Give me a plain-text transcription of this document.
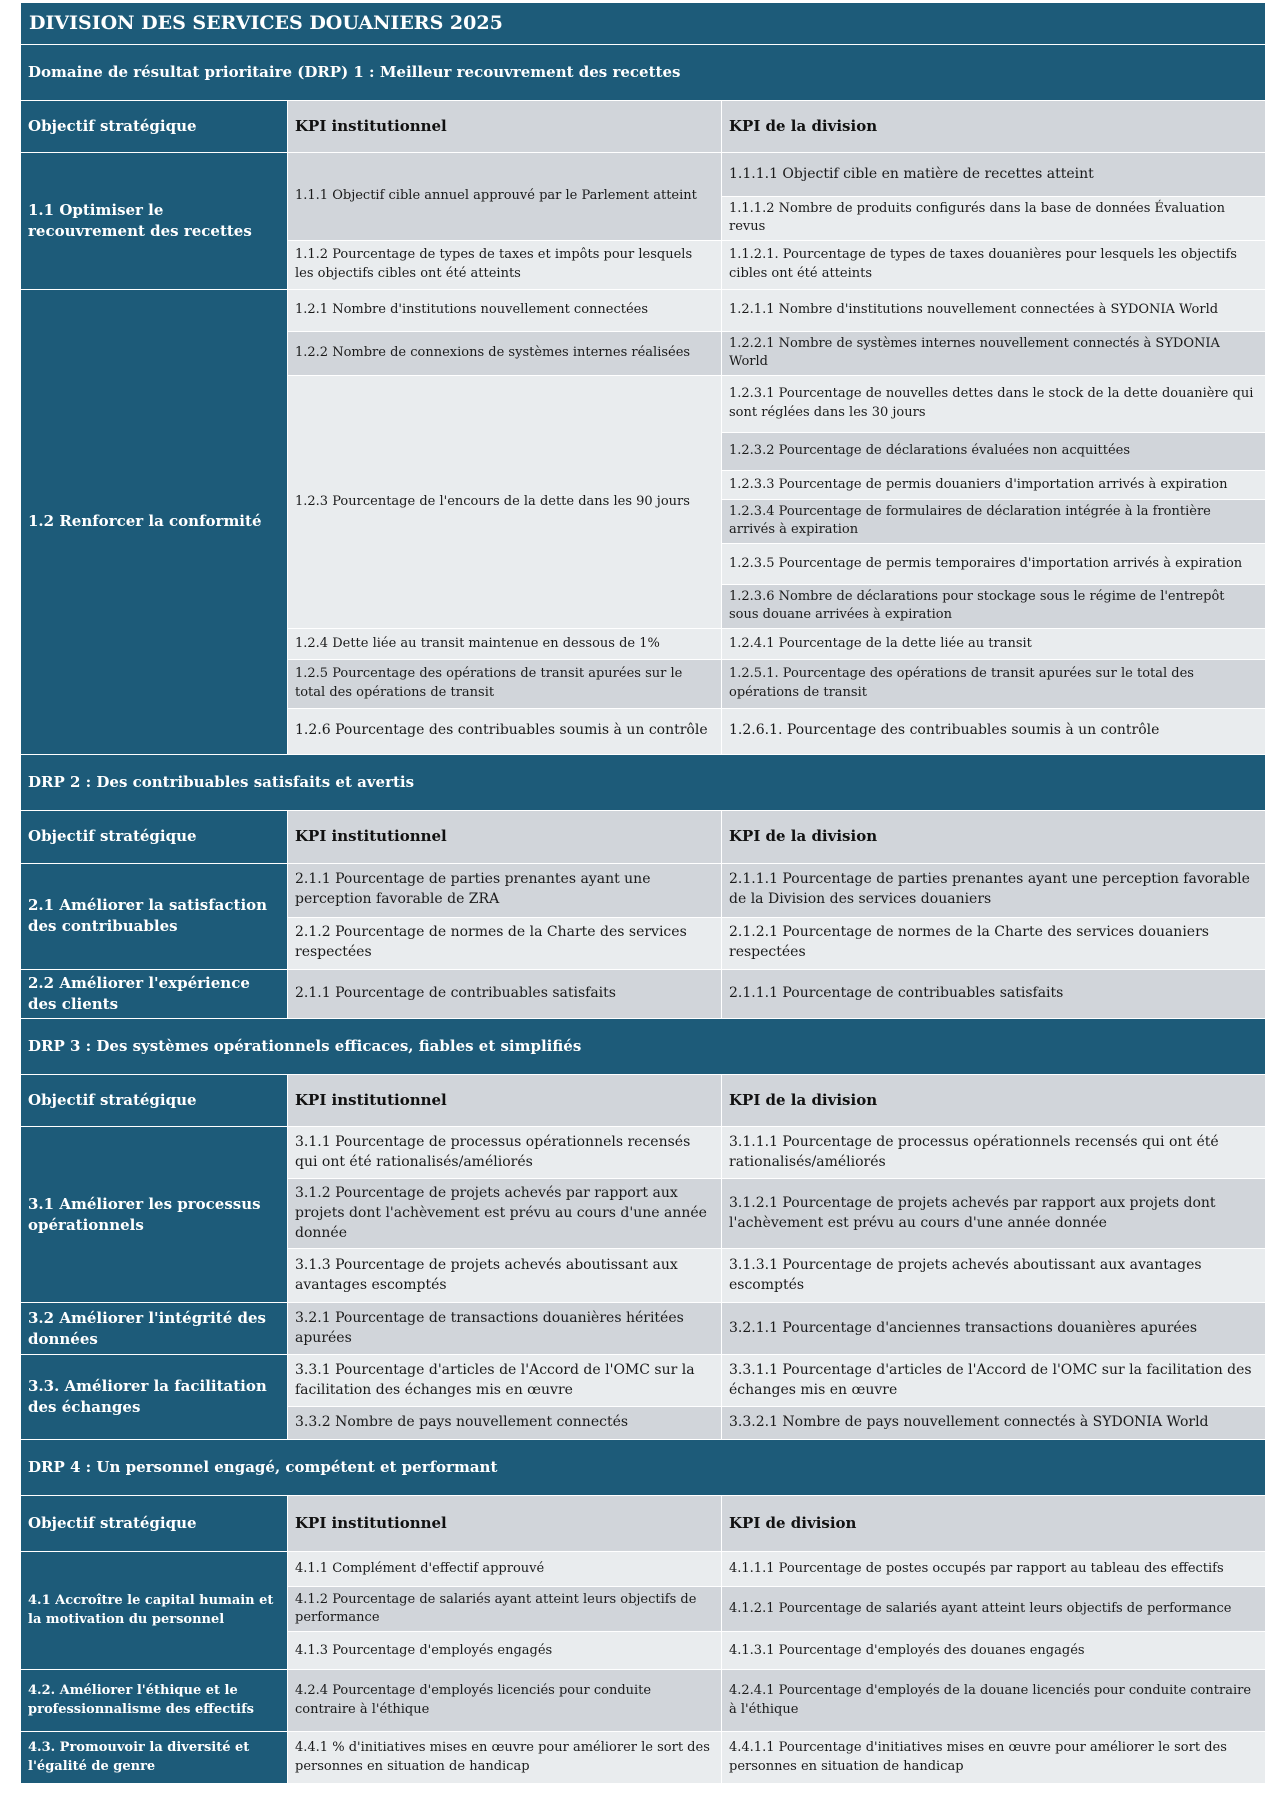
DIVISION DES SERVICES DOUANIERS 2025		
Domaine de résultat prioritaire (DRP) 1 : Meilleur recouvrement des recettes		
Objectif stratégique	KPI institutionnel	KPI de la division
1.1 Optimiser le recouvrement des recettes	1.1.1 Objectif cible annuel approuvé par le Parlement atteint	1.1.1.1 Objectif cible en matière de recettes atteint
		1.1.1.2 Nombre de produits configurés dans la base de données Évaluation revus
	1.1.2 Pourcentage de types de taxes et impôts pour lesquels les objectifs cibles ont été atteints	1.1.2.1. Pourcentage de types de taxes douanières pour lesquels les objectifs cibles ont été atteints
1.2 Renforcer la conformité	1.2.1 Nombre d'institutions nouvellement connectées	1.2.1.1 Nombre d'institutions nouvellement connectées à SYDONIA World
	1.2.2 Nombre de connexions de systèmes internes réalisées	1.2.2.1 Nombre de systèmes internes nouvellement connectés à SYDONIA World
	1.2.3 Pourcentage de l'encours de la dette dans les 90 jours	1.2.3.1 Pourcentage de nouvelles dettes dans le stock de la dette douanière qui sont réglées dans les 30 jours
		1.2.3.2 Pourcentage de déclarations évaluées non acquittées
		1.2.3.3 Pourcentage de permis douaniers d'importation arrivés à expiration
		1.2.3.4 Pourcentage de formulaires de déclaration intégrée à la frontière arrivés à expiration
		1.2.3.5 Pourcentage de permis temporaires d'importation arrivés à expiration
		1.2.3.6 Nombre de déclarations pour stockage sous le régime de l'entrepôt sous douane arrivées à expiration
	1.2.4 Dette liée au transit maintenue en dessous de 1%	1.2.4.1 Pourcentage de la dette liée au transit
	1.2.5 Pourcentage des opérations de transit apurées sur le total des opérations de transit	1.2.5.1. Pourcentage des opérations de transit apurées sur le total des opérations de transit
	1.2.6 Pourcentage des contribuables soumis à un contrôle	1.2.6.1. Pourcentage des contribuables soumis à un contrôle
DRP 2 : Des contribuables satisfaits et avertis		
Objectif stratégique	KPI institutionnel	KPI de la division
2.1 Améliorer la satisfaction des contribuables	2.1.1 Pourcentage de parties prenantes ayant une perception favorable de ZRA	2.1.1.1 Pourcentage de parties prenantes ayant une perception favorable de la Division des services douaniers
	2.1.2 Pourcentage de normes de la Charte des services respectées	2.1.2.1 Pourcentage de normes de la Charte des services douaniers respectées
2.2 Améliorer l'expérience des clients	2.1.1 Pourcentage de contribuables satisfaits	2.1.1.1 Pourcentage de contribuables satisfaits
DRP 3 : Des systèmes opérationnels efficaces, fiables et simplifiés		
Objectif stratégique	KPI institutionnel	KPI de la division
3.1 Améliorer les processus opérationnels	3.1.1 Pourcentage de processus opérationnels recensés qui ont été rationalisés/améliorés	3.1.1.1 Pourcentage de processus opérationnels recensés qui ont été rationalisés/améliorés
	3.1.2 Pourcentage de projets achevés par rapport aux projets dont l'achèvement est prévu au cours d'une année donnée	3.1.2.1 Pourcentage de projets achevés par rapport aux projets dont l'achèvement est prévu au cours d'une année donnée
	3.1.3 Pourcentage de projets achevés aboutissant aux avantages escomptés	3.1.3.1 Pourcentage de projets achevés aboutissant aux avantages escomptés
3.2 Améliorer l'intégrité des données	3.2.1 Pourcentage de transactions douanières héritées apurées	3.2.1.1 Pourcentage d'anciennes transactions douanières apurées
3.3. Améliorer la facilitation des échanges	3.3.1 Pourcentage d'articles de l'Accord de l'OMC sur la facilitation des échanges mis en œuvre	3.3.1.1 Pourcentage d'articles de l'Accord de l'OMC sur la facilitation des échanges mis en œuvre
	3.3.2 Nombre de pays nouvellement connectés	3.3.2.1 Nombre de pays nouvellement connectés à SYDONIA World
DRP 4 : Un personnel engagé, compétent et performant		
Objectif stratégique	KPI institutionnel	KPI de division
4.1 Accroître le capital humain et la motivation du personnel	4.1.1 Complément d'effectif approuvé	4.1.1.1 Pourcentage de postes occupés par rapport au tableau des effectifs
	4.1.2 Pourcentage de salariés ayant atteint leurs objectifs de performance	4.1.2.1 Pourcentage de salariés ayant atteint leurs objectifs de performance
	4.1.3 Pourcentage d'employés engagés	4.1.3.1 Pourcentage d'employés des douanes engagés
4.2. Améliorer l'éthique et le professionnalisme des effectifs	4.2.4 Pourcentage d'employés licenciés pour conduite contraire à l'éthique	4.2.4.1 Pourcentage d'employés de la douane licenciés pour conduite contraire à l'éthique
4.3. Promouvoir la diversité et l'égalité de genre	4.4.1 % d'initiatives mises en œuvre pour améliorer le sort des personnes en situation de handicap	4.4.1.1 Pourcentage d'initiatives mises en œuvre pour améliorer le sort des personnes en situation de handicap
